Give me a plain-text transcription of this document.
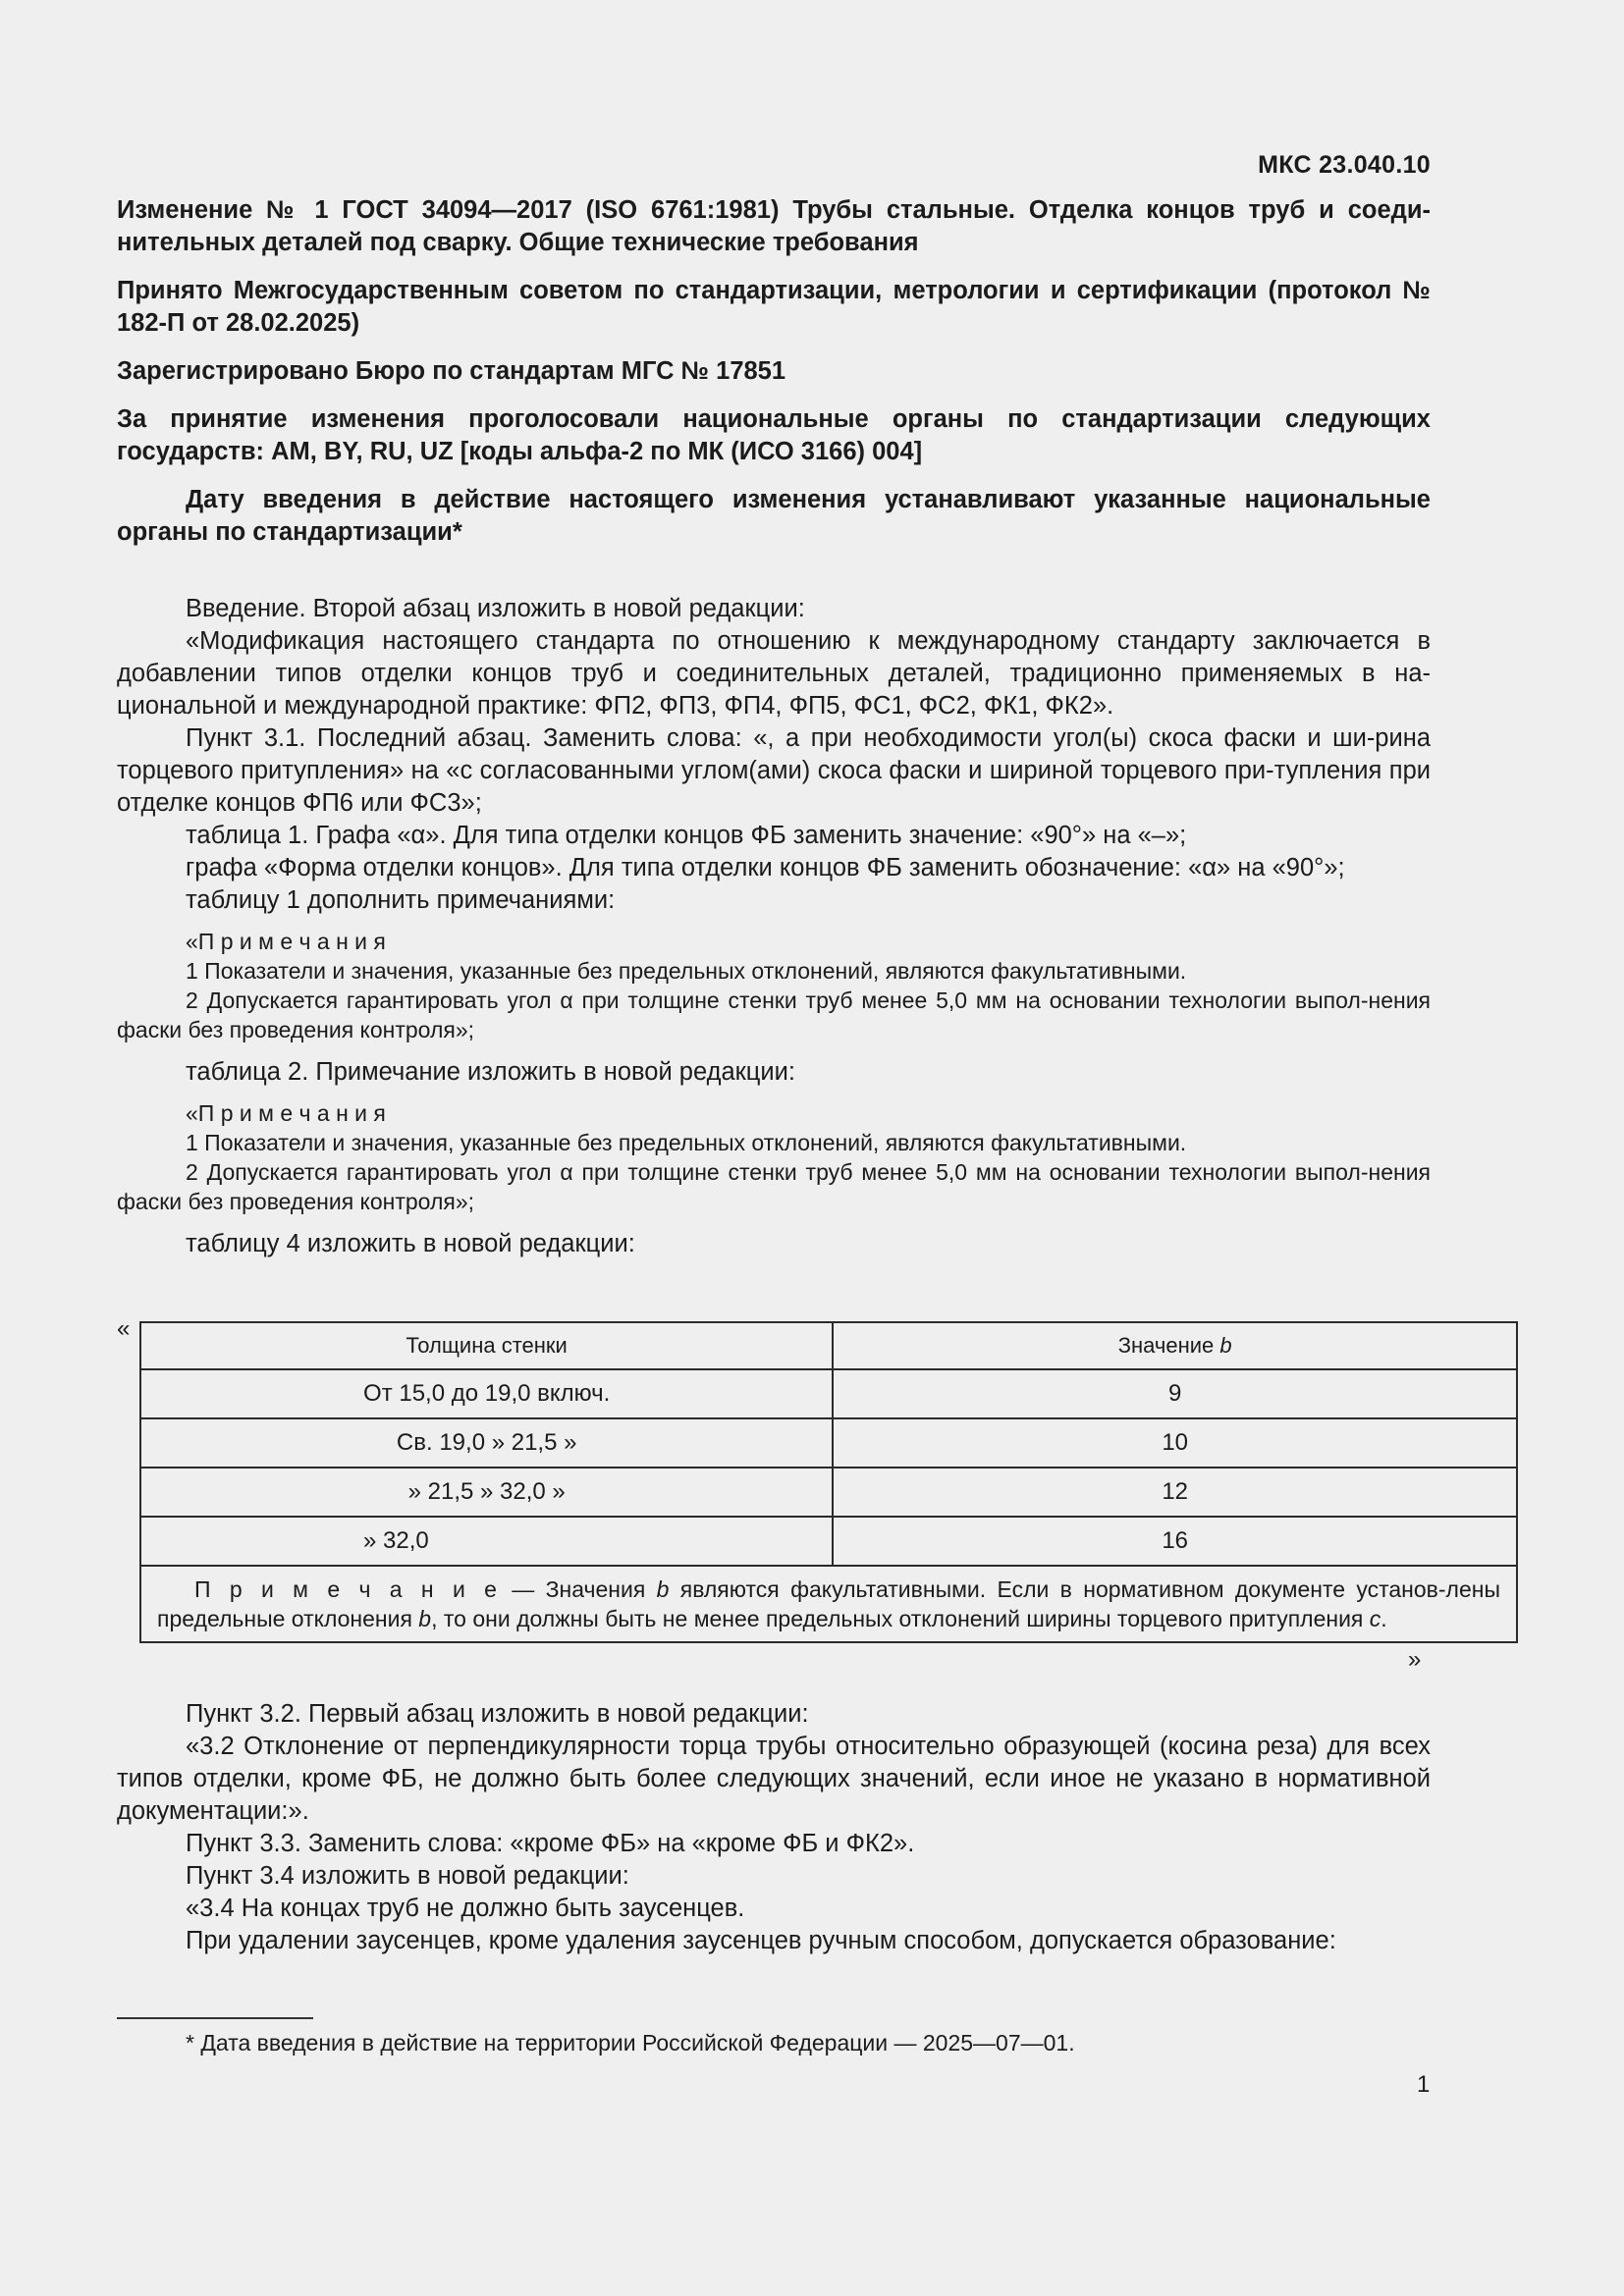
МКС 23.040.10

Изменение № 1 ГОСТ 34094—2017 (ISO 6761:1981) Трубы стальные. Отделка концов труб и соеди-нительных деталей под сварку. Общие технические требования

Принято Межгосударственным советом по стандартизации, метрологии и сертификации (протокол № 182-П от 28.02.2025)

Зарегистрировано Бюро по стандартам МГС № 17851

За принятие изменения проголосовали национальные органы по стандартизации следующих государств: AM, BY, RU, UZ [коды альфа-2 по МК (ИСО 3166) 004]

Дату введения в действие настоящего изменения устанавливают указанные национальные органы по стандартизации*

Введение. Второй абзац изложить в новой редакции:

«Модификация настоящего стандарта по отношению к международному стандарту заключается в добавлении типов отделки концов труб и соединительных деталей, традиционно применяемых в на-циональной и международной практике: ФП2, ФП3, ФП4, ФП5, ФС1, ФС2, ФК1, ФК2».

Пункт 3.1. Последний абзац. Заменить слова: «, а при необходимости угол(ы) скоса фаски и ши-рина торцевого притупления» на «с согласованными углом(ами) скоса фаски и шириной торцевого при-тупления при отделке концов ФП6 или ФС3»;

таблица 1. Графа «α». Для типа отделки концов ФБ заменить значение: «90°» на «–»;

графа «Форма отделки концов». Для типа отделки концов ФБ заменить обозначение: «α» на «90°»;

таблицу 1 дополнить примечаниями:

«П р и м е ч а н и я

1 Показатели и значения, указанные без предельных отклонений, являются факультативными.

2 Допускается гарантировать угол α при толщине стенки труб менее 5,0 мм на основании технологии выпол-нения фаски без проведения контроля»;

таблица 2. Примечание изложить в новой редакции:

«П р и м е ч а н и я

1 Показатели и значения, указанные без предельных отклонений, являются факультативными.

2 Допускается гарантировать угол α при толщине стенки труб менее 5,0 мм на основании технологии выпол-нения фаски без проведения контроля»;

таблицу 4 изложить в новой редакции:

«
Толщина стенки	Значение b
От 15,0 до 19,0 включ.	9
Св. 19,0 » 21,5 »	10
» 21,5 » 32,0 »	12
» 32,0	16
П р и м е ч а н и е — Значения b являются факультативными. Если в нормативном документе установ-лены предельные отклонения b, то они должны быть не менее предельных отклонений ширины торцевого притупления c.	
»

Пункт 3.2. Первый абзац изложить в новой редакции:

«3.2 Отклонение от перпендикулярности торца трубы относительно образующей (косина реза) для всех типов отделки, кроме ФБ, не должно быть более следующих значений, если иное не указано в нормативной документации:».

Пункт 3.3. Заменить слова: «кроме ФБ» на «кроме ФБ и ФК2».

Пункт 3.4 изложить в новой редакции:

«3.4 На концах труб не должно быть заусенцев.

При удалении заусенцев, кроме удаления заусенцев ручным способом, допускается образование:

* Дата введения в действие на территории Российской Федерации — 2025—07—01.
1
